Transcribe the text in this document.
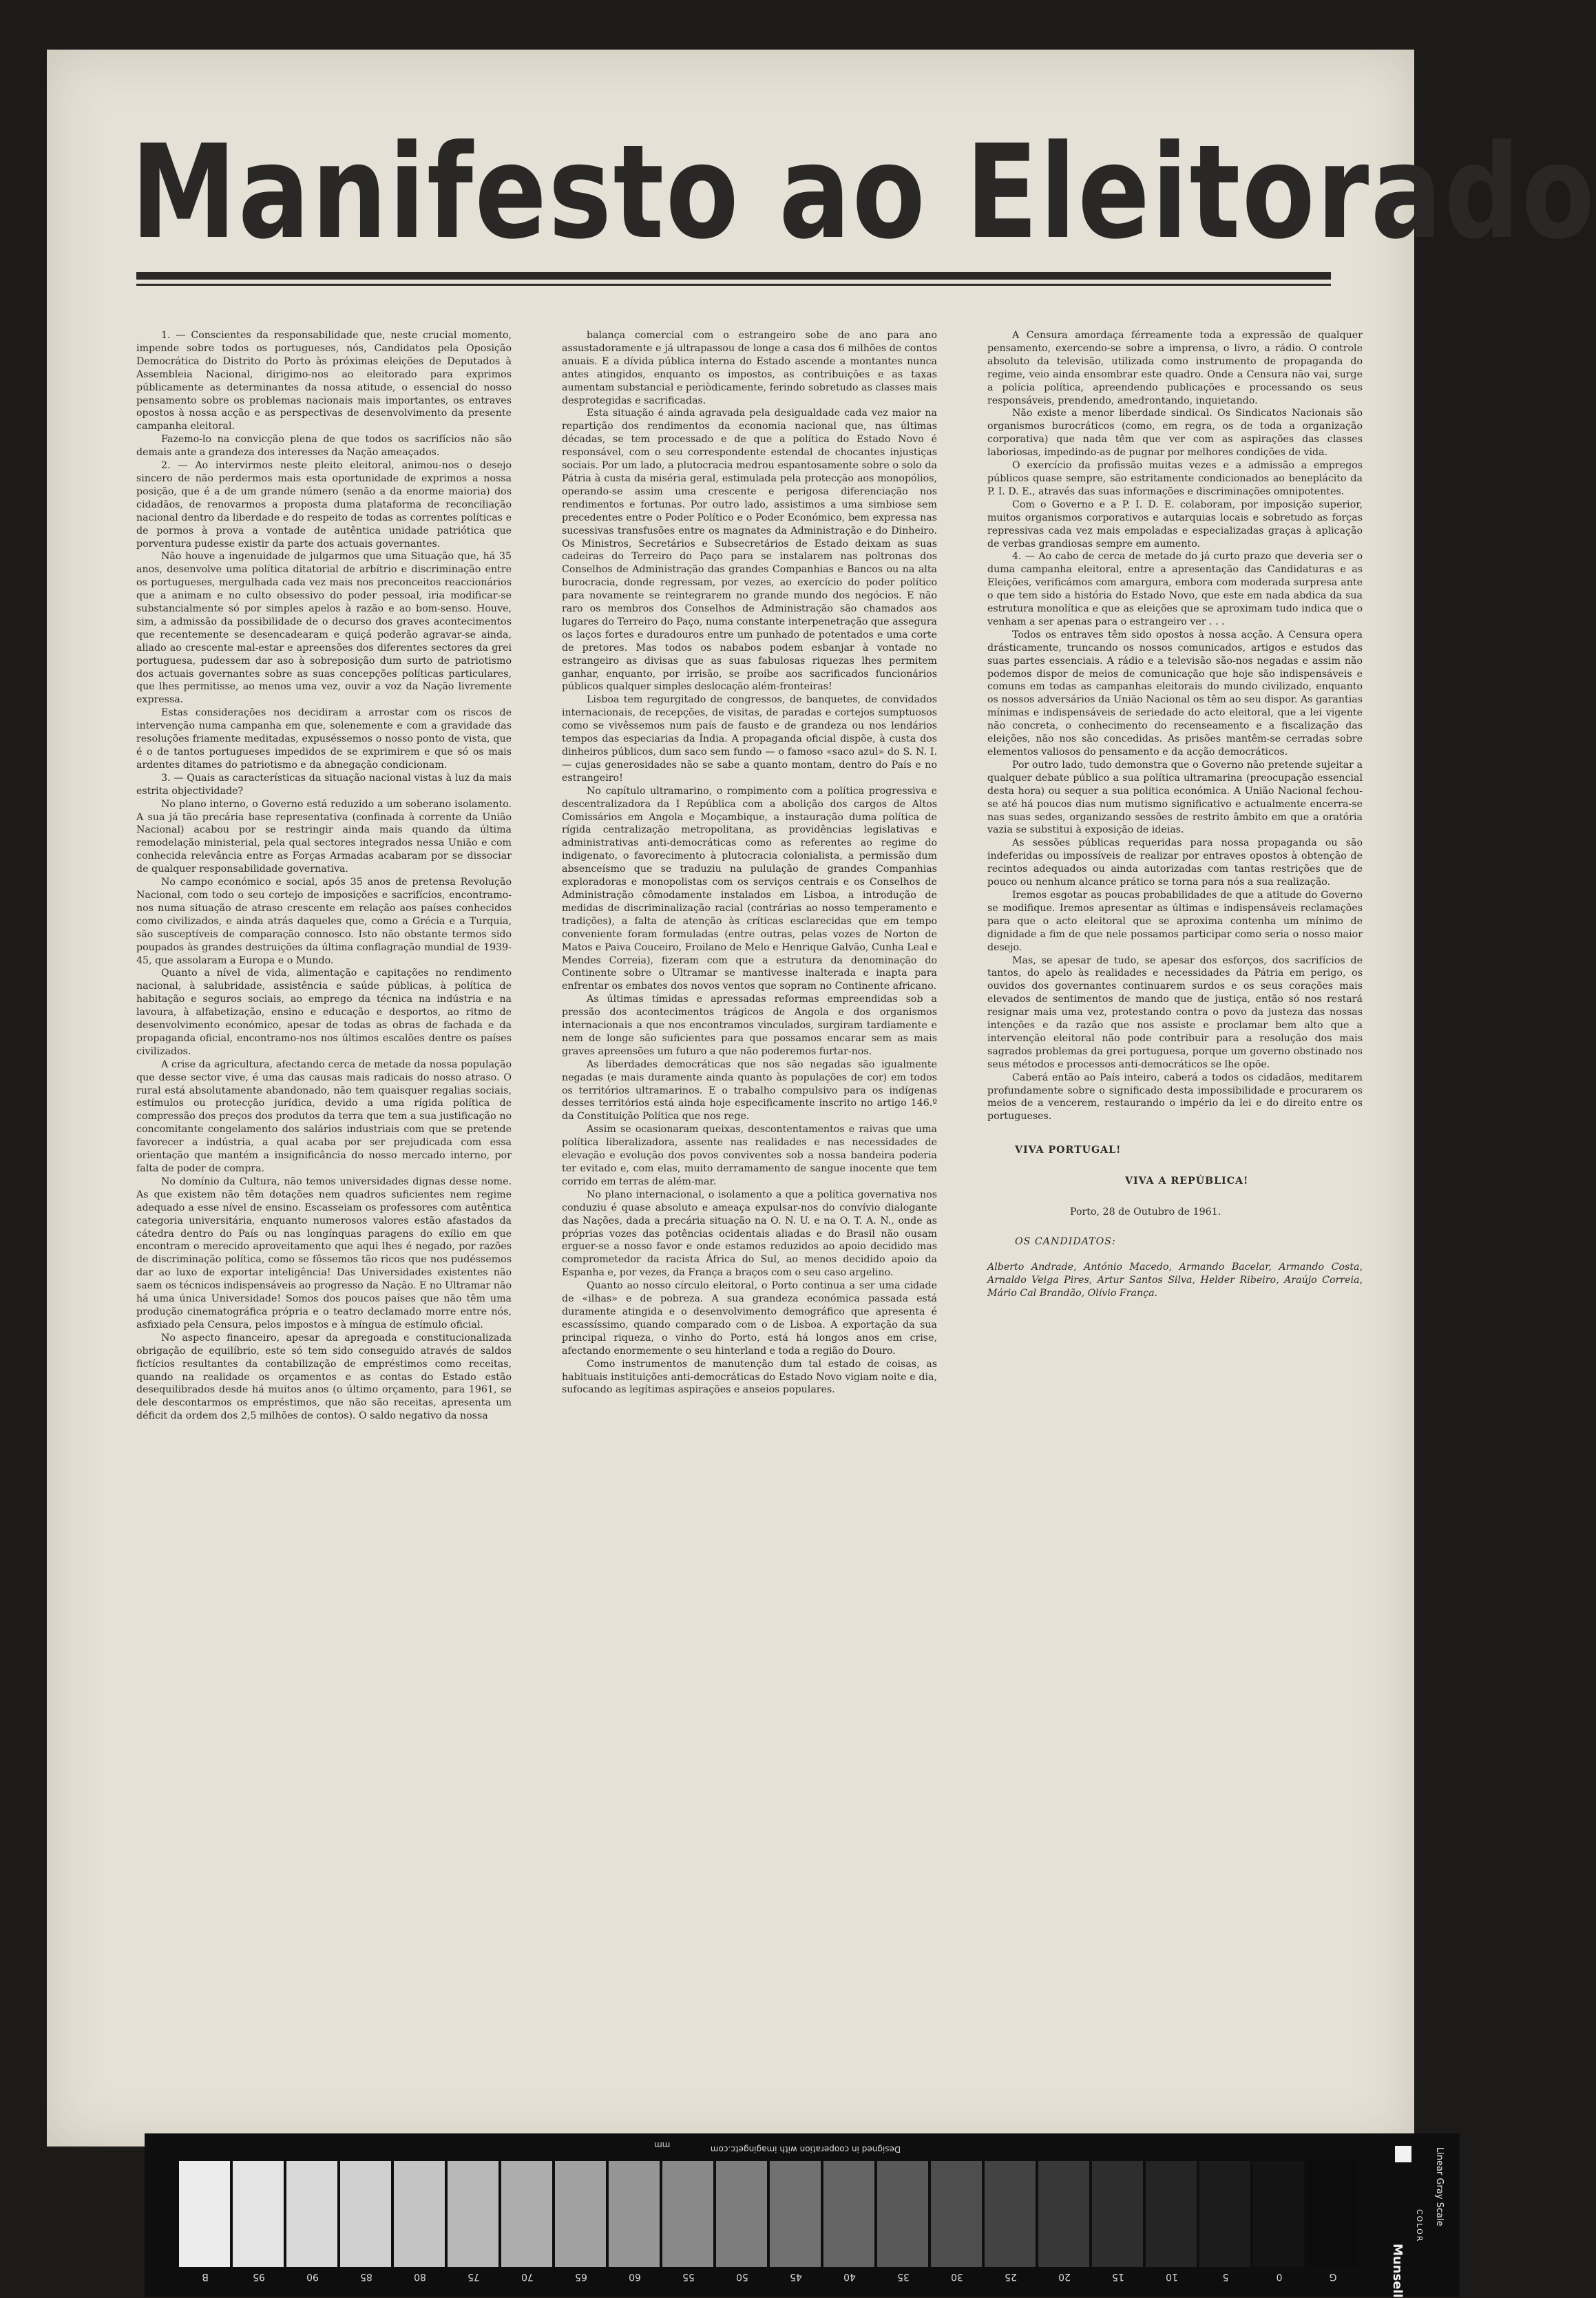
Manifesto ao Eleitorado

1. — Conscientes da responsabilidade que, neste crucial momento, impende sobre todos os portugueses, nós, Candidatos pela Oposição Democrática do Distrito do Porto às próximas eleições de Deputados à Assembleia Nacional, dirigimo-nos ao eleitorado para exprimos públicamente as determinantes da nossa atitude, o essencial do nosso pensamento sobre os problemas nacionais mais importantes, os entraves opostos à nossa acção e as perspectivas de desenvolvimento da presente campanha eleitoral.

Fazemo-lo na convicção plena de que todos os sacrifícios não são demais ante a grandeza dos interesses da Nação ameaçados.

2. — Ao intervirmos neste pleito eleitoral, animou-nos o desejo sincero de não perdermos mais esta oportunidade de exprimos a nossa posição, que é a de um grande número (senão a da enorme maioria) dos cidadãos, de renovarmos a proposta duma plataforma de reconciliação nacional dentro da liberdade e do respeito de todas as correntes políticas e de pormos à prova a vontade de autêntica unidade patriótica que porventura pudesse existir da parte dos actuais governantes.

Não houve a ingenuidade de julgarmos que uma Situação que, há 35 anos, desenvolve uma política ditatorial de arbítrio e discriminação entre os portugueses, mergulhada cada vez mais nos preconceitos reaccionários que a animam e no culto obsessivo do poder pessoal, iria modificar-se substancialmente só por simples apelos à razão e ao bom-senso. Houve, sim, a admissão da possibilidade de o decurso dos graves acontecimentos que recentemente se desencadearam e quiçá poderão agravar-se ainda, aliado ao crescente mal-estar e apreensões dos diferentes sectores da grei portuguesa, pudessem dar aso à sobreposição dum surto de patriotismo dos actuais governantes sobre as suas concepções políticas particulares, que lhes permitisse, ao menos uma vez, ouvir a voz da Nação livremente expressa.

Estas considerações nos decidiram a arrostar com os riscos de intervenção numa campanha em que, solenemente e com a gravidade das resoluções friamente meditadas, expuséssemos o nosso ponto de vista, que é o de tantos portugueses impedidos de se exprimirem e que só os mais ardentes ditames do patriotismo e da abnegação condicionam.

3. — Quais as características da situação nacional vistas à luz da mais estrita objectividade?

No plano interno, o Governo está reduzido a um soberano isolamento. A sua já tão precária base representativa (confinada à corrente da União Nacional) acabou por se restringir ainda mais quando da última remodelação ministerial, pela qual sectores integrados nessa União e com conhecida relevância entre as Forças Armadas acabaram por se dissociar de qualquer responsabilidade governativa.

No campo económico e social, após 35 anos de pretensa Revolução Nacional, com todo o seu cortejo de imposições e sacrifícios, encontramo-nos numa situação de atraso crescente em relação aos países conhecidos como civilizados, e ainda atrás daqueles que, como a Grécia e a Turquia, são susceptíveis de comparação connosco. Isto não obstante termos sido poupados às grandes destruições da última conflagração mundial de 1939-45, que assolaram a Europa e o Mundo.

Quanto a nível de vida, alimentação e capitações no rendimento nacional, à salubridade, assistência e saúde públicas, à política de habitação e seguros sociais, ao emprego da técnica na indústria e na lavoura, à alfabetização, ensino e educação e desportos, ao ritmo de desenvolvimento económico, apesar de todas as obras de fachada e da propaganda oficial, encontramo-nos nos últimos escalões dentre os países civilizados.

A crise da agricultura, afectando cerca de metade da nossa população que desse sector vive, é uma das causas mais radicais do nosso atraso. O rural está absolutamente abandonado, não tem quaisquer regalias sociais, estímulos ou protecção jurídica, devido a uma rígida política de compressão dos preços dos produtos da terra que tem a sua justificação no concomitante congelamento dos salários industriais com que se pretende favorecer a indústria, a qual acaba por ser prejudicada com essa orientação que mantém a insignificância do nosso mercado interno, por falta de poder de compra.

No domínio da Cultura, não temos universidades dignas desse nome. As que existem não têm dotações nem quadros suficientes nem regime adequado a esse nível de ensino. Escasseiam os professores com autêntica categoria universitária, enquanto numerosos valores estão afastados da cátedra dentro do País ou nas longínquas paragens do exílio em que encontram o merecido aproveitamento que aqui lhes é negado, por razões de discriminação política, como se fôssemos tão ricos que nos pudéssemos dar ao luxo de exportar inteligência! Das Universidades existentes não saem os técnicos indispensáveis ao progresso da Nação. E no Ultramar não há uma única Universidade! Somos dos poucos países que não têm uma produção cinematográfica própria e o teatro declamado morre entre nós, asfixiado pela Censura, pelos impostos e à míngua de estímulo oficial.

No aspecto financeiro, apesar da apregoada e constitucionalizada obrigação de equilíbrio, este só tem sido conseguido através de saldos fictícios resultantes da contabilização de empréstimos como receitas, quando na realidade os orçamentos e as contas do Estado estão desequilibrados desde há muitos anos (o último orçamento, para 1961, se dele descontarmos os empréstimos, que não são receitas, apresenta um déficit da ordem dos 2,5 milhões de contos). O saldo negativo da nossa

balança comercial com o estrangeiro sobe de ano para ano assustadoramente e já ultrapassou de longe a casa dos 6 milhões de contos anuais. E a dívida pública interna do Estado ascende a montantes nunca antes atingidos, enquanto os impostos, as contribuições e as taxas aumentam substancial e periòdicamente, ferindo sobretudo as classes mais desprotegidas e sacrificadas.

Esta situação é ainda agravada pela desigualdade cada vez maior na repartição dos rendimentos da economia nacional que, nas últimas décadas, se tem processado e de que a política do Estado Novo é responsável, com o seu correspondente estendal de chocantes injustiças sociais. Por um lado, a plutocracia medrou espantosamente sobre o solo da Pátria à custa da miséria geral, estimulada pela protecção aos monopólios, operando-se assim uma crescente e perigosa diferenciação nos rendimentos e fortunas. Por outro lado, assistimos a uma simbiose sem precedentes entre o Poder Político e o Poder Económico, bem expressa nas sucessivas transfusões entre os magnates da Administração e do Dinheiro. Os Ministros, Secretários e Subsecretários de Estado deixam as suas cadeiras do Terreiro do Paço para se instalarem nas poltronas dos Conselhos de Administração das grandes Companhias e Bancos ou na alta burocracia, donde regressam, por vezes, ao exercício do poder político para novamente se reintegrarem no grande mundo dos negócios. E não raro os membros dos Conselhos de Administração são chamados aos lugares do Terreiro do Paço, numa constante interpenetração que assegura os laços fortes e duradouros entre um punhado de potentados e uma corte de pretores. Mas todos os nababos podem esbanjar à vontade no estrangeiro as divisas que as suas fabulosas riquezas lhes permitem ganhar, enquanto, por irrisão, se proíbe aos sacrificados funcionários públicos qualquer simples deslocação além-fronteiras!

Lisboa tem regurgitado de congressos, de banquetes, de convidados internacionais, de recepções, de visitas, de paradas e cortejos sumptuosos como se vivêssemos num país de fausto e de grandeza ou nos lendários tempos das especiarias da Índia. A propaganda oficial dispõe, à custa dos dinheiros públicos, dum saco sem fundo — o famoso «saco azul» do S. N. I. — cujas generosidades não se sabe a quanto montam, dentro do País e no estrangeiro!

No capítulo ultramarino, o rompimento com a política progressiva e descentralizadora da I República com a abolição dos cargos de Altos Comissários em Angola e Moçambique, a instauração duma política de rígida centralização metropolitana, as providências legislativas e administrativas anti-democráticas como as referentes ao regime do indigenato, o favorecimento à plutocracia colonialista, a permissão dum absenceísmo que se traduziu na pululação de grandes Companhias exploradoras e monopolistas com os serviços centrais e os Conselhos de Administração cômodamente instalados em Lisboa, a introdução de medidas de discriminalização racial (contrárias ao nosso temperamento e tradições), a falta de atenção às críticas esclarecidas que em tempo conveniente foram formuladas (entre outras, pelas vozes de Norton de Matos e Paiva Couceiro, Froilano de Melo e Henrique Galvão, Cunha Leal e Mendes Correia), fizeram com que a estrutura da denominação do Continente sobre o Ultramar se mantivesse inalterada e inapta para enfrentar os embates dos novos ventos que sopram no Continente africano.

As últimas tímidas e apressadas reformas empreendidas sob a pressão dos acontecimentos trágicos de Angola e dos organismos internacionais a que nos encontramos vinculados, surgiram tardiamente e nem de longe são suficientes para que possamos encarar sem as mais graves apreensões um futuro a que não poderemos furtar-nos.

As liberdades democráticas que nos são negadas são igualmente negadas (e mais duramente ainda quanto às populações de cor) em todos os territórios ultramarinos. E o trabalho compulsivo para os indígenas desses territórios está ainda hoje especificamente inscrito no artigo 146.º da Constituição Política que nos rege.

Assim se ocasionaram queixas, descontentamentos e raivas que uma política liberalizadora, assente nas realidades e nas necessidades de elevação e evolução dos povos conviventes sob a nossa bandeira poderia ter evitado e, com elas, muito derramamento de sangue inocente que tem corrido em terras de além-mar.

No plano internacional, o isolamento a que a política governativa nos conduziu é quase absoluto e ameaça expulsar-nos do convívio dialogante das Nações, dada a precária situação na O. N. U. e na O. T. A. N., onde as próprias vozes das potências ocidentais aliadas e do Brasil não ousam erguer-se a nosso favor e onde estamos reduzidos ao apoio decidido mas comprometedor da racista África do Sul, ao menos decidido apoio da Espanha e, por vezes, da França a braços com o seu caso argelino.

Quanto ao nosso círculo eleitoral, o Porto continua a ser uma cidade de «ilhas» e de pobreza. A sua grandeza económica passada está duramente atingida e o desenvolvimento demográfico que apresenta é escassíssimo, quando comparado com o de Lisboa. A exportação da sua principal riqueza, o vinho do Porto, está há longos anos em crise, afectando enormemente o seu hinterland e toda a região do Douro.

Como instrumentos de manutenção dum tal estado de coisas, as habituais instituições anti-democráticas do Estado Novo vigiam noite e dia, sufocando as legítimas aspirações e anseios populares.

A Censura amordaça férreamente toda a expressão de qualquer pensamento, exercendo-se sobre a imprensa, o livro, a rádio. O controle absoluto da televisão, utilizada como instrumento de propaganda do regime, veio ainda ensombrar este quadro. Onde a Censura não vai, surge a polícia política, apreendendo publicações e processando os seus responsáveis, prendendo, amedrontando, inquietando.

Não existe a menor liberdade sindical. Os Sindicatos Nacionais são organismos burocráticos (como, em regra, os de toda a organização corporativa) que nada têm que ver com as aspirações das classes laboriosas, impedindo-as de pugnar por melhores condições de vida.

O exercício da profissão muitas vezes e a admissão a empregos públicos quase sempre, são estritamente condicionados ao beneplácito da P. I. D. E., através das suas informações e discriminações omnipotentes.

Com o Governo e a P. I. D. E. colaboram, por imposição superior, muitos organismos corporativos e autarquias locais e sobretudo as forças repressivas cada vez mais empoladas e especializadas graças à aplicação de verbas grandiosas sempre em aumento.

4. — Ao cabo de cerca de metade do já curto prazo que deveria ser o duma campanha eleitoral, entre a apresentação das Candidaturas e as Eleições, verificámos com amargura, embora com moderada surpresa ante o que tem sido a história do Estado Novo, que este em nada abdica da sua estrutura monolítica e que as eleições que se aproximam tudo indica que o venham a ser apenas para o estrangeiro ver . . .

Todos os entraves têm sido opostos à nossa acção. A Censura opera drásticamente, truncando os nossos comunicados, artigos e estudos das suas partes essenciais. A rádio e a televisão são-nos negadas e assim não podemos dispor de meios de comunicação que hoje são indispensáveis e comuns em todas as campanhas eleitorais do mundo civilizado, enquanto os nossos adversários da União Nacional os têm ao seu dispor. As garantias mínimas e indispensáveis de seriedade do acto eleitoral, que a lei vigente não concreta, o conhecimento do recenseamento e a fiscalização das eleições, não nos são concedidas. As prisões mantêm-se cerradas sobre elementos valiosos do pensamento e da acção democráticos.

Por outro lado, tudo demonstra que o Governo não pretende sujeitar a qualquer debate público a sua política ultramarina (preocupação essencial desta hora) ou sequer a sua política económica. A União Nacional fechou-se até há poucos dias num mutismo significativo e actualmente encerra-se nas suas sedes, organizando sessões de restrito âmbito em que a oratória vazia se substitui à exposição de ideias.

As sessões públicas requeridas para nossa propaganda ou são indeferidas ou impossíveis de realizar por entraves opostos à obtenção de recintos adequados ou ainda autorizadas com tantas restrições que de pouco ou nenhum alcance prático se torna para nós a sua realização.

Iremos esgotar as poucas probabilidades de que a atitude do Governo se modifique. Iremos apresentar as últimas e indispensáveis reclamações para que o acto eleitoral que se aproxima contenha um mínimo de dignidade a fim de que nele possamos participar como seria o nosso maior desejo.

Mas, se apesar de tudo, se apesar dos esforços, dos sacrifícios de tantos, do apelo às realidades e necessidades da Pátria em perigo, os ouvidos dos governantes continuarem surdos e os seus corações mais elevados de sentimentos de mando que de justiça, então só nos restará resignar mais uma vez, protestando contra o povo da justeza das nossas intenções e da razão que nos assiste e proclamar bem alto que a intervenção eleitoral não pode contribuir para a resolução dos mais sagrados problemas da grei portuguesa, porque um governo obstinado nos seus métodos e processos anti-democráticos se lhe opõe.

Caberá então ao País inteiro, caberá a todos os cidadãos, meditarem profundamente sobre o significado desta impossibilidade e procurarem os meios de a vencerem, restaurando o império da lei e do direito entre os portugueses.

VIVA PORTUGAL!

VIVA A REPÚBLICA!

Porto, 28 de Outubro de 1961.

OS CANDIDATOS:

Alberto Andrade, António Macedo, Armando Bacelar, Armando Costa, Arnaldo Veiga Pires, Artur Santos Silva, Helder Ribeiro, Araújo Correia, Mário Cal Brandão, Olívio França.

Designed in cooperation with imagingetc.com
mm
B	95	90	85	80	75	70	65	60	55	50	45	40	35	30	25	20	15	10	5	0	G	Munsell
COLOR Linear Gray Scale
